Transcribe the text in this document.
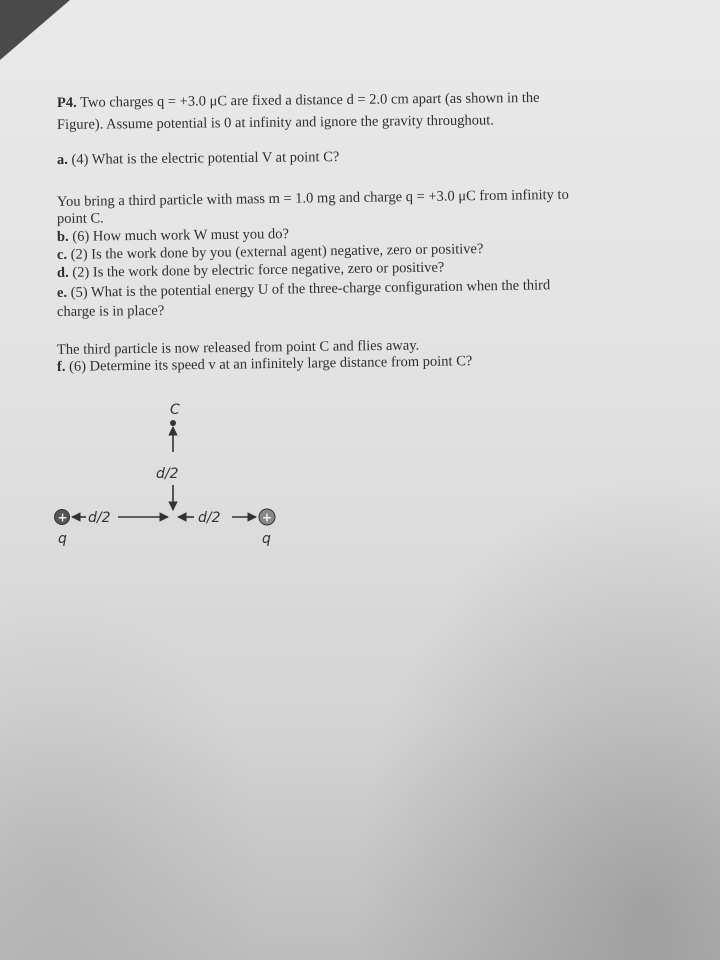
P4. Two charges q = +3.0 μC are fixed a distance d = 2.0 cm apart (as shown in the
Figure). Assume potential is 0 at infinity and ignore the gravity throughout.
a. (4) What is the electric potential V at point C?
You bring a third particle with mass m = 1.0 mg and charge q = +3.0 μC from infinity to
point C.
b. (6) How much work W must you do?
c. (2) Is the work done by you (external agent) negative, zero or positive?
d. (2) Is the work done by electric force negative, zero or positive?
e. (5) What is the potential energy U of the three-charge configuration when the third
charge is in place?
The third particle is now released from point C and flies away.
f. (6) Determine its speed v at an infinitely large distance from point C?
C
d/2
+
q
d/2	d/2	+
q
